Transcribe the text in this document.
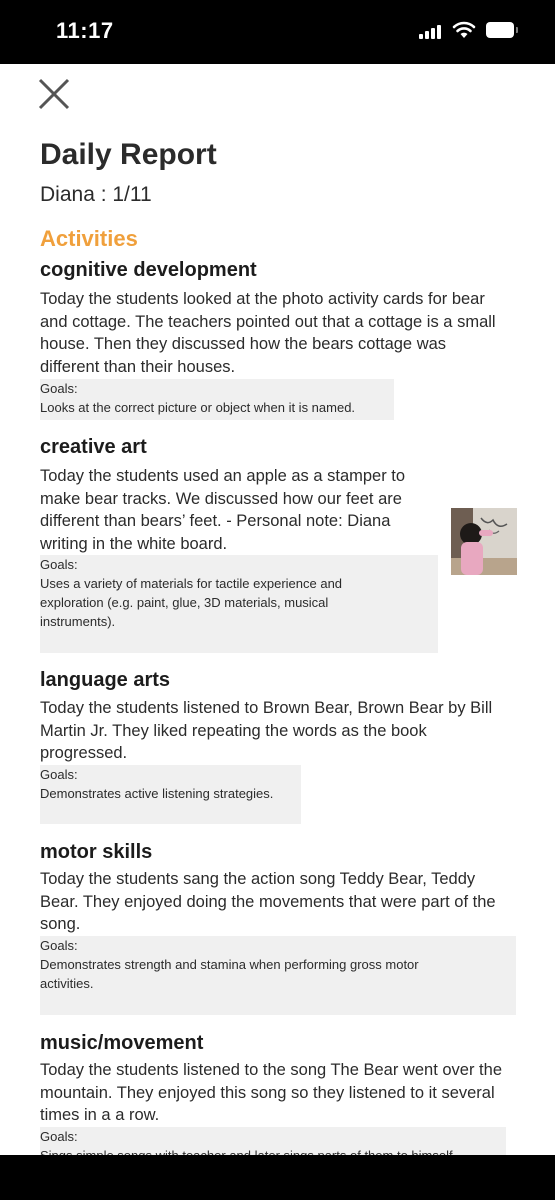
11:17
Daily Report
Diana : 1/11
Activities
cognitive development
Today the students looked at the photo activity cards for bear
and cottage. The teachers pointed out that a cottage is a small
house. Then they discussed how the bears cottage was
different than their houses.
Goals:
Looks at the correct picture or object when it is named.
creative art
Today the students used an apple as a stamper to
make bear tracks. We discussed how our feet are
different than bears’ feet. - Personal note: Diana
writing in the white board.
Goals:
Uses a variety of materials for tactile experience and
exploration (e.g. paint, glue, 3D materials, musical
instruments).
language arts
Today the students listened to Brown Bear, Brown Bear by Bill
Martin Jr. They liked repeating the words as the book
progressed.
Goals:
Demonstrates active listening strategies.
motor skills
Today the students sang the action song Teddy Bear, Teddy
Bear. They enjoyed doing the movements that were part of the
song.
Goals:
Demonstrates strength and stamina when performing gross motor
activities.
music/movement
Today the students listened to the song The Bear went over the
mountain. They enjoyed this song so they listened to it several
times in a a row.
Goals:
